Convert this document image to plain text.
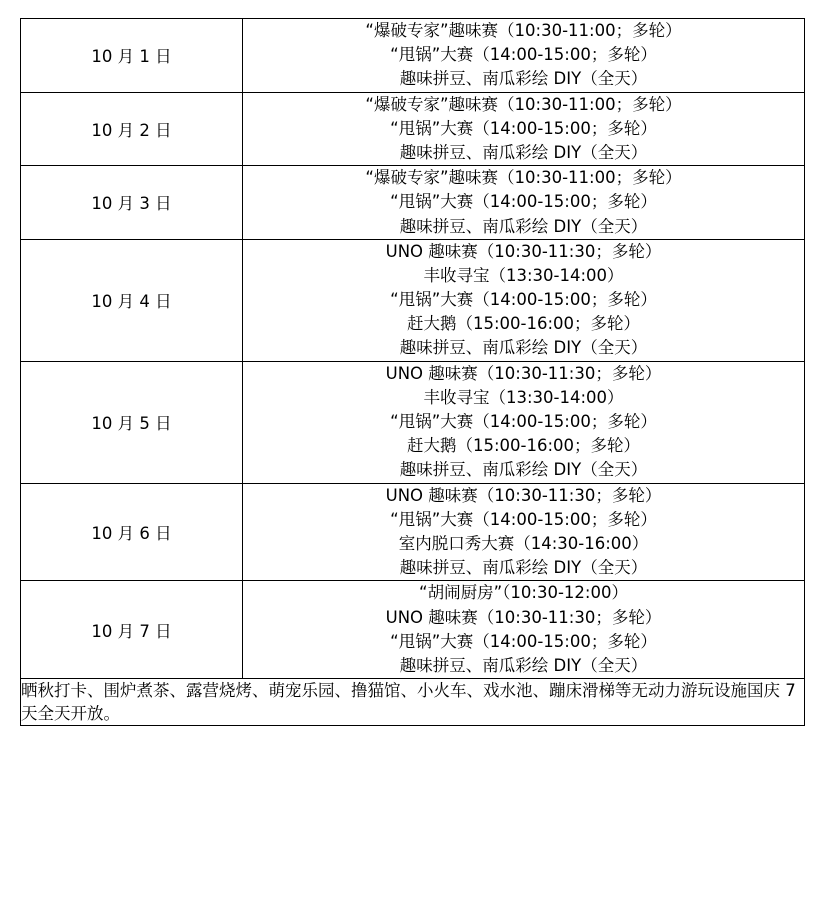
10 月 1 日	“爆破专家”趣味赛（10:30-11:00；多轮）
“甩锅”大赛（14:00-15:00；多轮）
趣味拼豆、南瓜彩绘 DIY（全天）

10 月 2 日	“爆破专家”趣味赛（10:30-11:00；多轮）
“甩锅”大赛（14:00-15:00；多轮）
趣味拼豆、南瓜彩绘 DIY（全天）

10 月 3 日	“爆破专家”趣味赛（10:30-11:00；多轮）
“甩锅”大赛（14:00-15:00；多轮）
趣味拼豆、南瓜彩绘 DIY（全天）

10 月 4 日	UNO 趣味赛（10:30-11:30；多轮）
丰收寻宝（13:30-14:00）
“甩锅”大赛（14:00-15:00；多轮）
赶大鹅（15:00-16:00；多轮）
趣味拼豆、南瓜彩绘 DIY（全天）

10 月 5 日	UNO 趣味赛（10:30-11:30；多轮）
丰收寻宝（13:30-14:00）
“甩锅”大赛（14:00-15:00；多轮）
赶大鹅（15:00-16:00；多轮）
趣味拼豆、南瓜彩绘 DIY（全天）

10 月 6 日	UNO 趣味赛（10:30-11:30；多轮）
“甩锅”大赛（14:00-15:00；多轮）
室内脱口秀大赛（14:30-16:00）
趣味拼豆、南瓜彩绘 DIY（全天）

10 月 7 日	“胡闹厨房”（10:30-12:00）
UNO 趣味赛（10:30-11:30；多轮）
“甩锅”大赛（14:00-15:00；多轮）
趣味拼豆、南瓜彩绘 DIY（全天）

晒秋打卡、围炉煮茶、露营烧烤、萌宠乐园、撸猫馆、小火车、戏水池、蹦床滑梯等无动力游玩设施国庆 7 天全天开放。	
